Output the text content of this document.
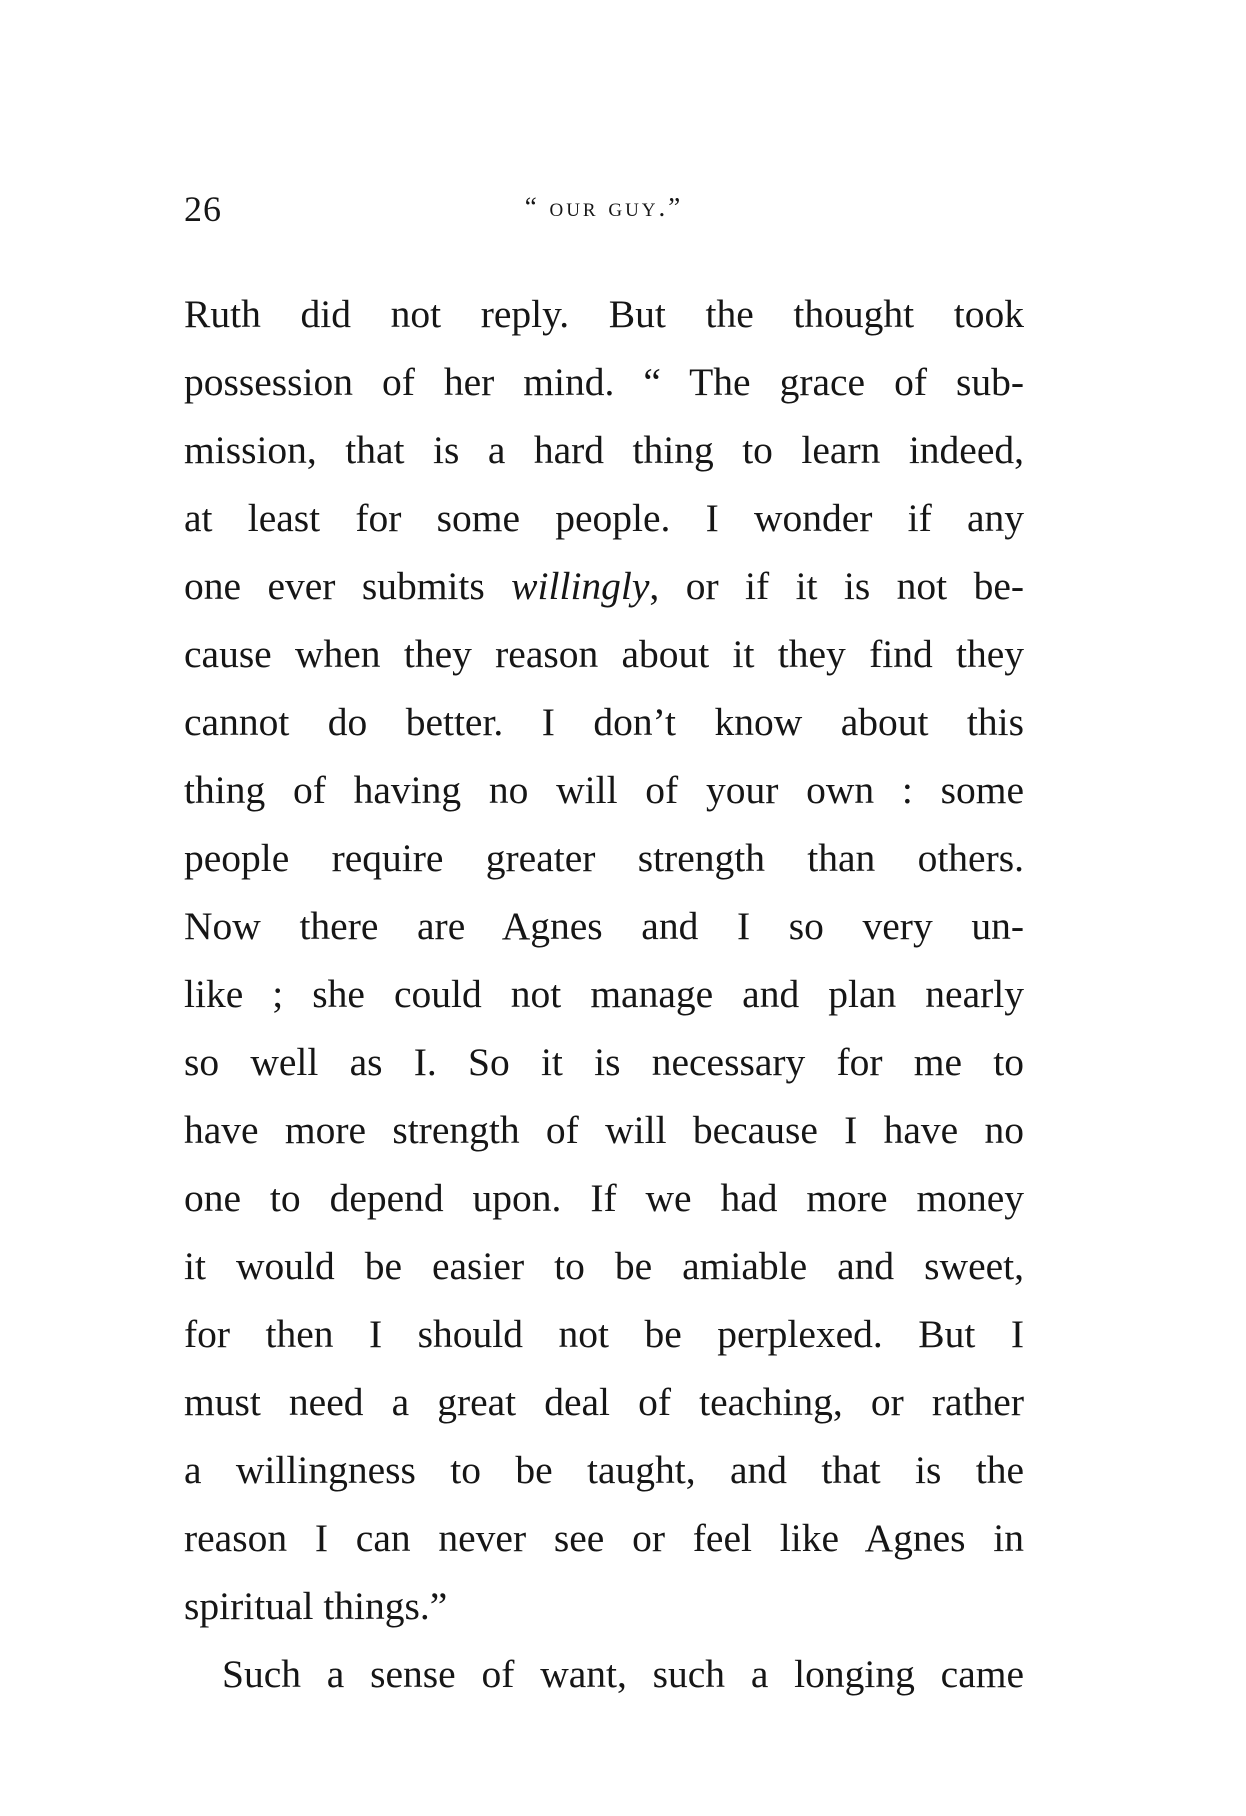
26	“ our guy.”
Ruth did not reply. But the thought took
possession of her mind. “ The grace of sub-
mission, that is a hard thing to learn indeed,
at least for some people. I wonder if any
one ever submits willingly, or if it is not be-
cause when they reason about it they find they
cannot do better. I don’t know about this
thing of having no will of your own : some
people require greater strength than others.
Now there are Agnes and I so very un-
like ; she could not manage and plan nearly
so well as I. So it is necessary for me to
have more strength of will because I have no
one to depend upon. If we had more money
it would be easier to be amiable and sweet,
for then I should not be perplexed. But I
must need a great deal of teaching, or rather
a willingness to be taught, and that is the
reason I can never see or feel like Agnes in
spiritual things.”
Such a sense of want, such a longing came
